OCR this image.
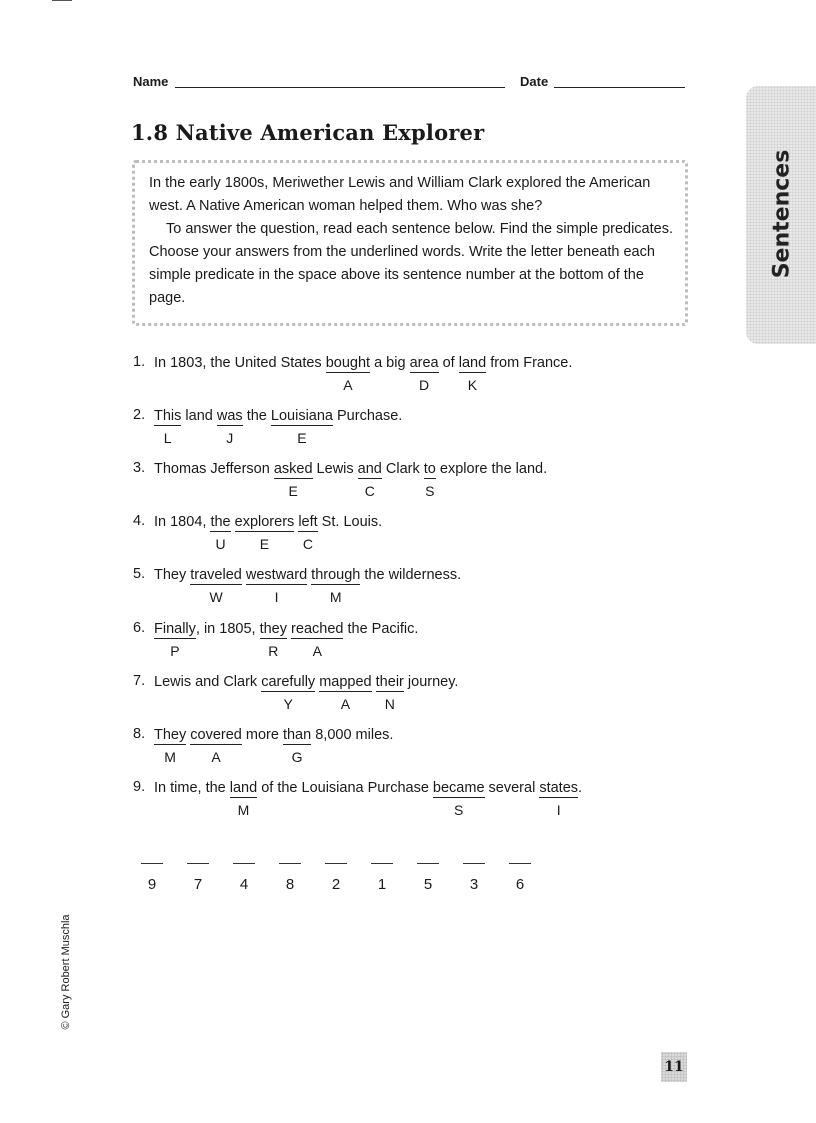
Name	Date
1.8 Native American Explorer

In the early 1800s, Meriwether Lewis and William Clark explored the American west. A Native American woman helped them. Who was she?

To answer the question, read each sentence below. Find the simple predicates. Choose your answers from the underlined words. Write the letter beneath each simple predicate in the space above its sentence number at the bottom of the page.

Sentences
1. In 1803, the United States bought
A
a big area
D
of land
K
from France.
2. This
L
land was
J
the Louisiana
E
Purchase.
3. Thomas Jefferson asked
E
Lewis and
C
Clark to
S
explore the land.
4. In 1804, the
U
explorers
E
left
C
St. Louis.
5. They traveled
W
westward
I
through
M
the wilderness.
6. Finally
P
, in 1805, they
R
reached
A
the Pacific.
7. Lewis and Clark carefully
Y
mapped
A
their
N
journey.
8. They
M
covered
A
more than
G
8,000 miles.
9. In time, the land
M
of the Louisiana Purchase became
S
several states
I
.
9	7	4	8	2	1	5	3	6
© Gary Robert Muschla
11
